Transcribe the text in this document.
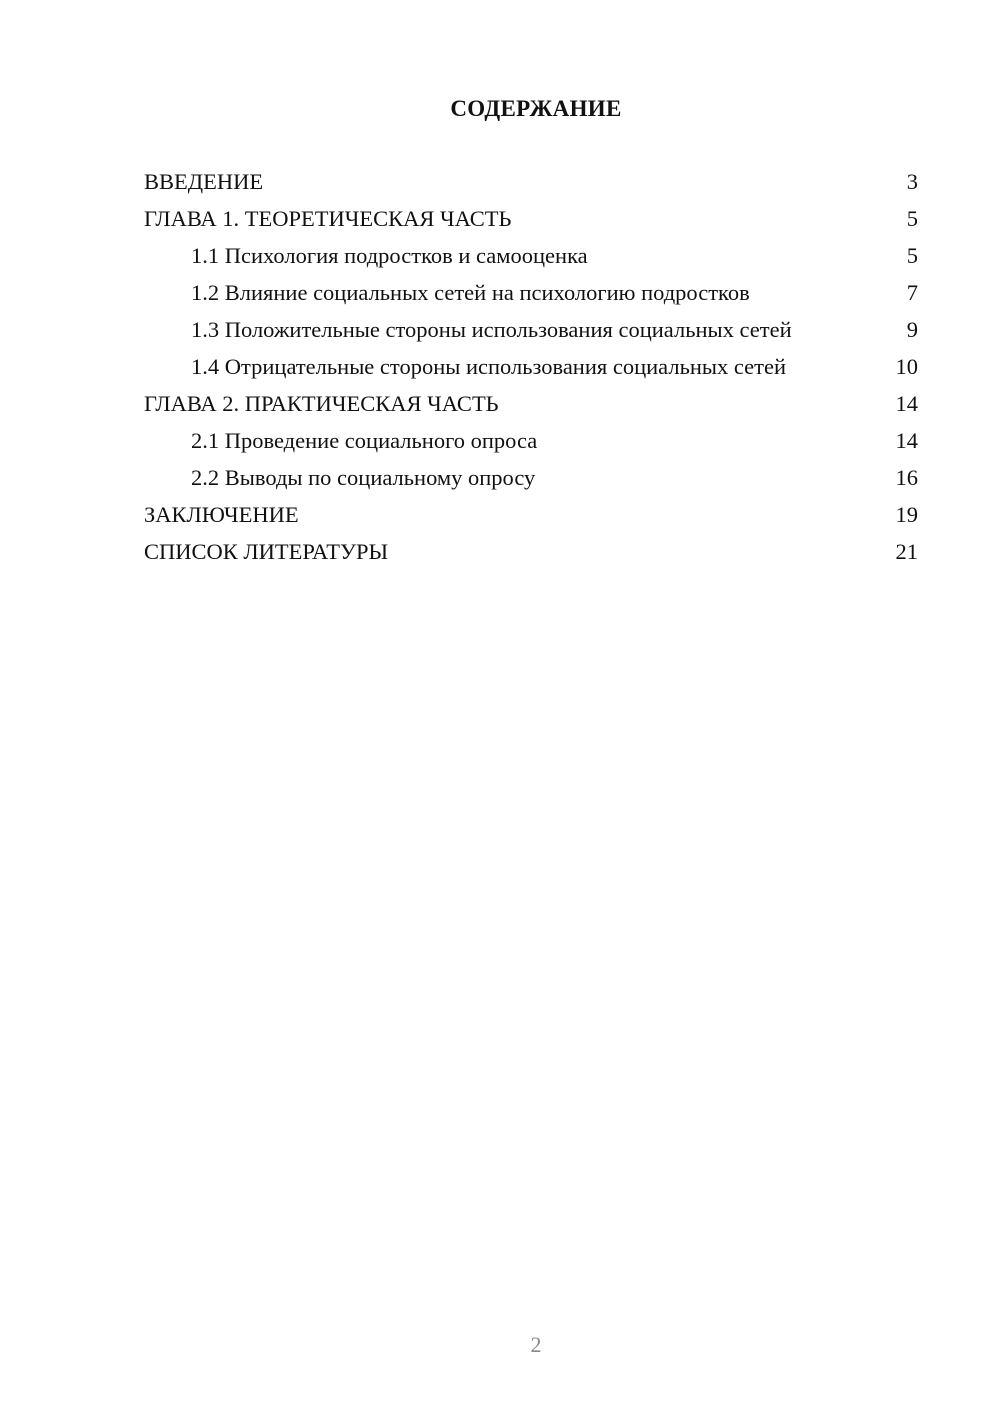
СОДЕРЖАНИЕ
ВВЕДЕНИЕ	3
ГЛАВА 1. ТЕОРЕТИЧЕСКАЯ ЧАСТЬ	5
1.1 Психология подростков и самооценка	5
1.2 Влияние социальных сетей на психологию подростков	7
1.3 Положительные стороны использования социальных сетей	9
1.4 Отрицательные стороны использования социальных сетей	10
ГЛАВА 2. ПРАКТИЧЕСКАЯ ЧАСТЬ	14
2.1 Проведение социального опроса	14
2.2 Выводы по социальному опросу	16
ЗАКЛЮЧЕНИЕ	19
СПИСОК ЛИТЕРАТУРЫ	21
2
